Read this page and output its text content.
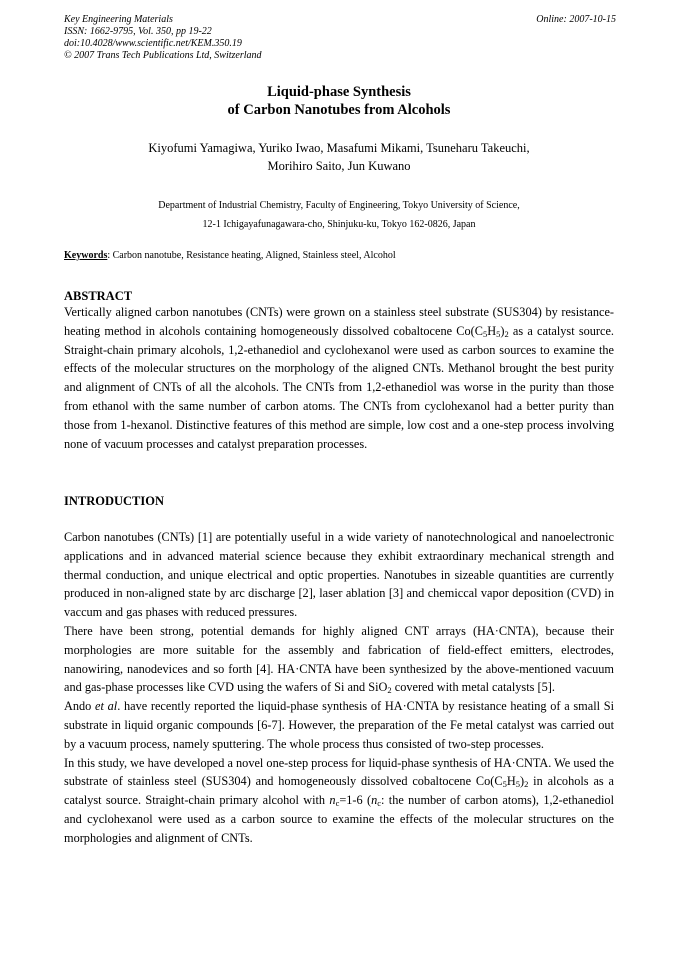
Key Engineering Materials
ISSN: 1662-9795, Vol. 350, pp 19-22
doi:10.4028/www.scientific.net/KEM.350.19
© 2007 Trans Tech Publications Ltd, Switzerland
Online: 2007-10-15
Liquid-phase Synthesis
of Carbon Nanotubes from Alcohols
Kiyofumi Yamagiwa, Yuriko Iwao, Masafumi Mikami, Tsuneharu Takeuchi,
Morihiro Saito, Jun Kuwano
Department of Industrial Chemistry, Faculty of Engineering, Tokyo University of Science,
12-1 Ichigayafunagawara-cho, Shinjuku-ku, Tokyo 162-0826, Japan
Keywords: Carbon nanotube, Resistance heating, Aligned, Stainless steel, Alcohol
ABSTRACT

Vertically aligned carbon nanotubes (CNTs) were grown on a stainless steel substrate (SUS304) by resistance-heating method in alcohols containing homogeneously dissolved cobaltocene $Co(C_5H_5)_2$ as a catalyst source. Straight-chain primary alcohols, 1,2-ethanediol and cyclohexanol were used as carbon sources to examine the effects of the molecular structures on the morphology of the aligned CNTs. Methanol brought the best purity and alignment of CNTs of all the alcohols. The CNTs from 1,2-ethanediol was worse in the purity than those from ethanol with the same number of carbon atoms. The CNTs from cyclohexanol had a better purity than those from 1-hexanol. Distinctive features of this method are simple, low cost and a one-step process involving none of vacuum processes and catalyst preparation processes.

INTRODUCTION

Carbon nanotubes (CNTs) [1] are potentially useful in a wide variety of nanotechnological and nanoelectronic applications and in advanced material science because they exhibit extraordinary mechanical strength and thermal conduction, and unique electrical and optic properties. Nanotubes in sizeable quantities are currently produced in non-aligned state by arc discharge [2], laser ablation [3] and chemiccal vapor deposition (CVD) in vaccum and gas phases with reduced pressures.

There have been strong, potential demands for highly aligned CNT arrays (HA·CNTA), because their morphologies are more suitable for the assembly and fabrication of field-effect emitters, electrodes, nanowiring, nanodevices and so forth [4]. HA·CNTA have been synthesized by the above-mentioned vacuum and gas-phase processes like CVD using the wafers of Si and SiO$_2$ covered with metal catalysts [5].

Ando et al. have recently reported the liquid-phase synthesis of HA·CNTA by resistance heating of a small Si substrate in liquid organic compounds [6-7]. However, the preparation of the Fe metal catalyst was carried out by a vacuum process, namely sputtering. The whole process thus consisted of two-step processes.

In this study, we have developed a novel one-step process for liquid-phase synthesis of HA·CNTA. We used the substrate of stainless steel (SUS304) and homogeneously dissolved cobaltocene $Co(C_5H_5)_2$ in alcohols as a catalyst source. Straight-chain primary alcohol with $n_c=1-6$ ($n_c$: the number of carbon atoms), 1,2-ethanediol and cyclohexanol were used as a carbon source to examine the effects of the molecular structures on the morphologies and alignment of CNTs.
